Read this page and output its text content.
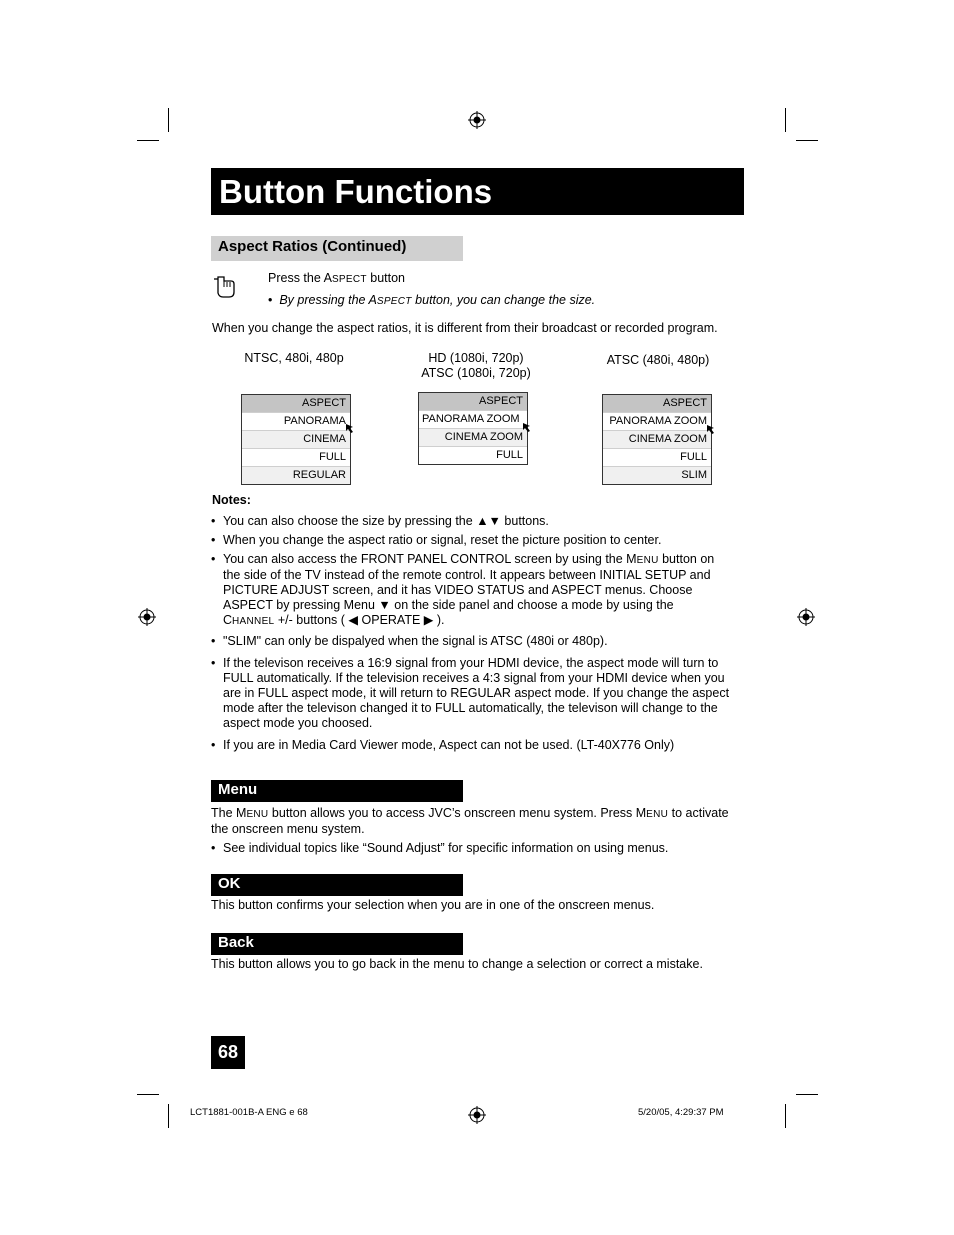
Button Functions
Aspect Ratios (Continued)
Press the ASPECT button
•  By pressing the ASPECT button, you can change the size.
When you change the aspect ratios, it is different from their broadcast or recorded program.
NTSC, 480i, 480p
ASPECT
PANORAMA
CINEMA
FULL
REGULAR
HD (1080i, 720p)
ATSC (1080i, 720p)
ASPECT
PANORAMA ZOOM
CINEMA ZOOM
FULL
ATSC (480i, 480p)
ASPECT
PANORAMA ZOOM
CINEMA ZOOM
FULL
SLIM
Notes:
• You can also choose the size by pressing the ▲▼ buttons.
• When you change the aspect ratio or signal, reset the picture position to center.
• You can also access the FRONT PANEL CONTROL screen by using the MENU button on the side of the TV instead of the remote control. It appears between INITIAL SETUP and PICTURE ADJUST screen, and it has VIDEO STATUS and ASPECT menus. Choose ASPECT by pressing Menu ▼ on the side panel and choose a mode by using the CHANNEL +/- buttons ( ◀ OPERATE ▶ ).
• "SLIM" can only be dispalyed when the signal is ATSC (480i or 480p).
• If the televison receives a 16:9 signal from your HDMI device, the aspect mode will turn to FULL automatically. If the television receives a 4:3 signal from your HDMI device when you are in FULL aspect mode, it will return to REGULAR aspect mode. If you change the aspect mode after the televison changed it to FULL automatically, the televison will change to the aspect mode you choosed.
• If you are in Media Card Viewer mode, Aspect can not be used. (LT-40X776 Only)
Menu
The MENU button allows you to access JVC’s onscreen menu system. Press MENU to activate the onscreen menu system.
• See individual topics like “Sound Adjust” for specific information on using menus.
OK
This button confirms your selection when you are in one of the onscreen menus.
Back
This button allows you to go back in the menu to change a selection or correct a mistake.
68
LCT1881-001B-A ENG e 68	5/20/05, 4:29:37 PM
